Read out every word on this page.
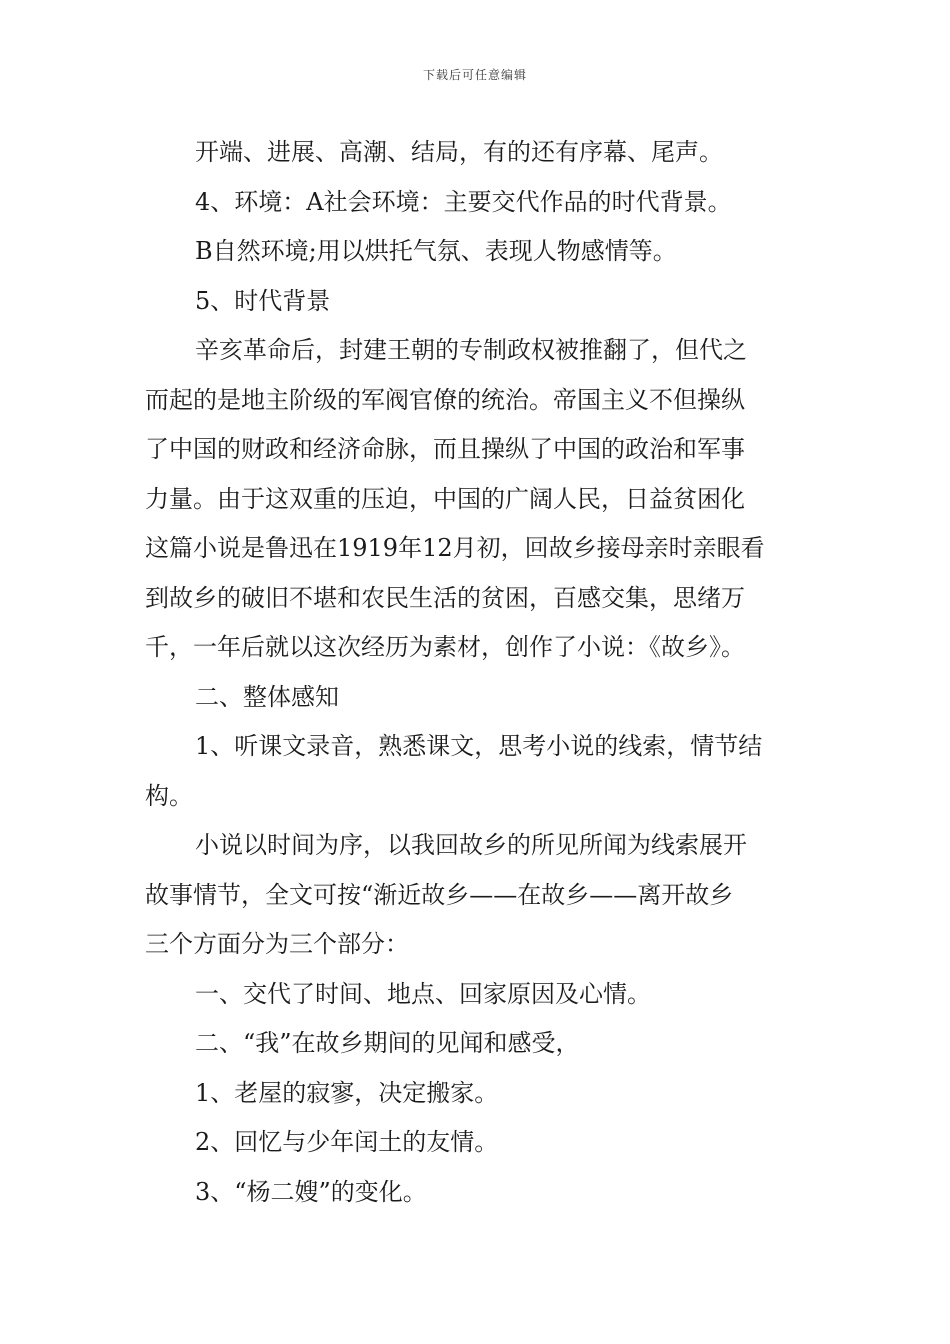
下载后可任意编辑

开端、进展、高潮、结局，有的还有序幕、尾声。

4、环境：A社会环境：主要交代作品的时代背景。

B自然环境;用以烘托气氛、表现人物感情等。

5、时代背景

辛亥革命后，封建王朝的专制政权被推翻了，但代之
而起的是地主阶级的军阀官僚的统治。帝国主义不但操纵
了中国的财政和经济命脉，而且操纵了中国的政治和军事
力量。由于这双重的压迫，中国的广阔人民，日益贫困化
这篇小说是鲁迅在1919年12月初，回故乡接母亲时亲眼看
到故乡的破旧不堪和农民生活的贫困，百感交集，思绪万
千，一年后就以这次经历为素材，创作了小说：《故乡》。

二、整体感知

1、听课文录音，熟悉课文，思考小说的线索，情节结
构。

小说以时间为序，以我回故乡的所见所闻为线索展开
故事情节，全文可按“渐近故乡——在故乡——离开故乡
三个方面分为三个部分：

一、交代了时间、地点、回家原因及心情。

二、“我”在故乡期间的见闻和感受，

1、老屋的寂寥，决定搬家。

2、回忆与少年闰土的友情。

3、“杨二嫂”的变化。
